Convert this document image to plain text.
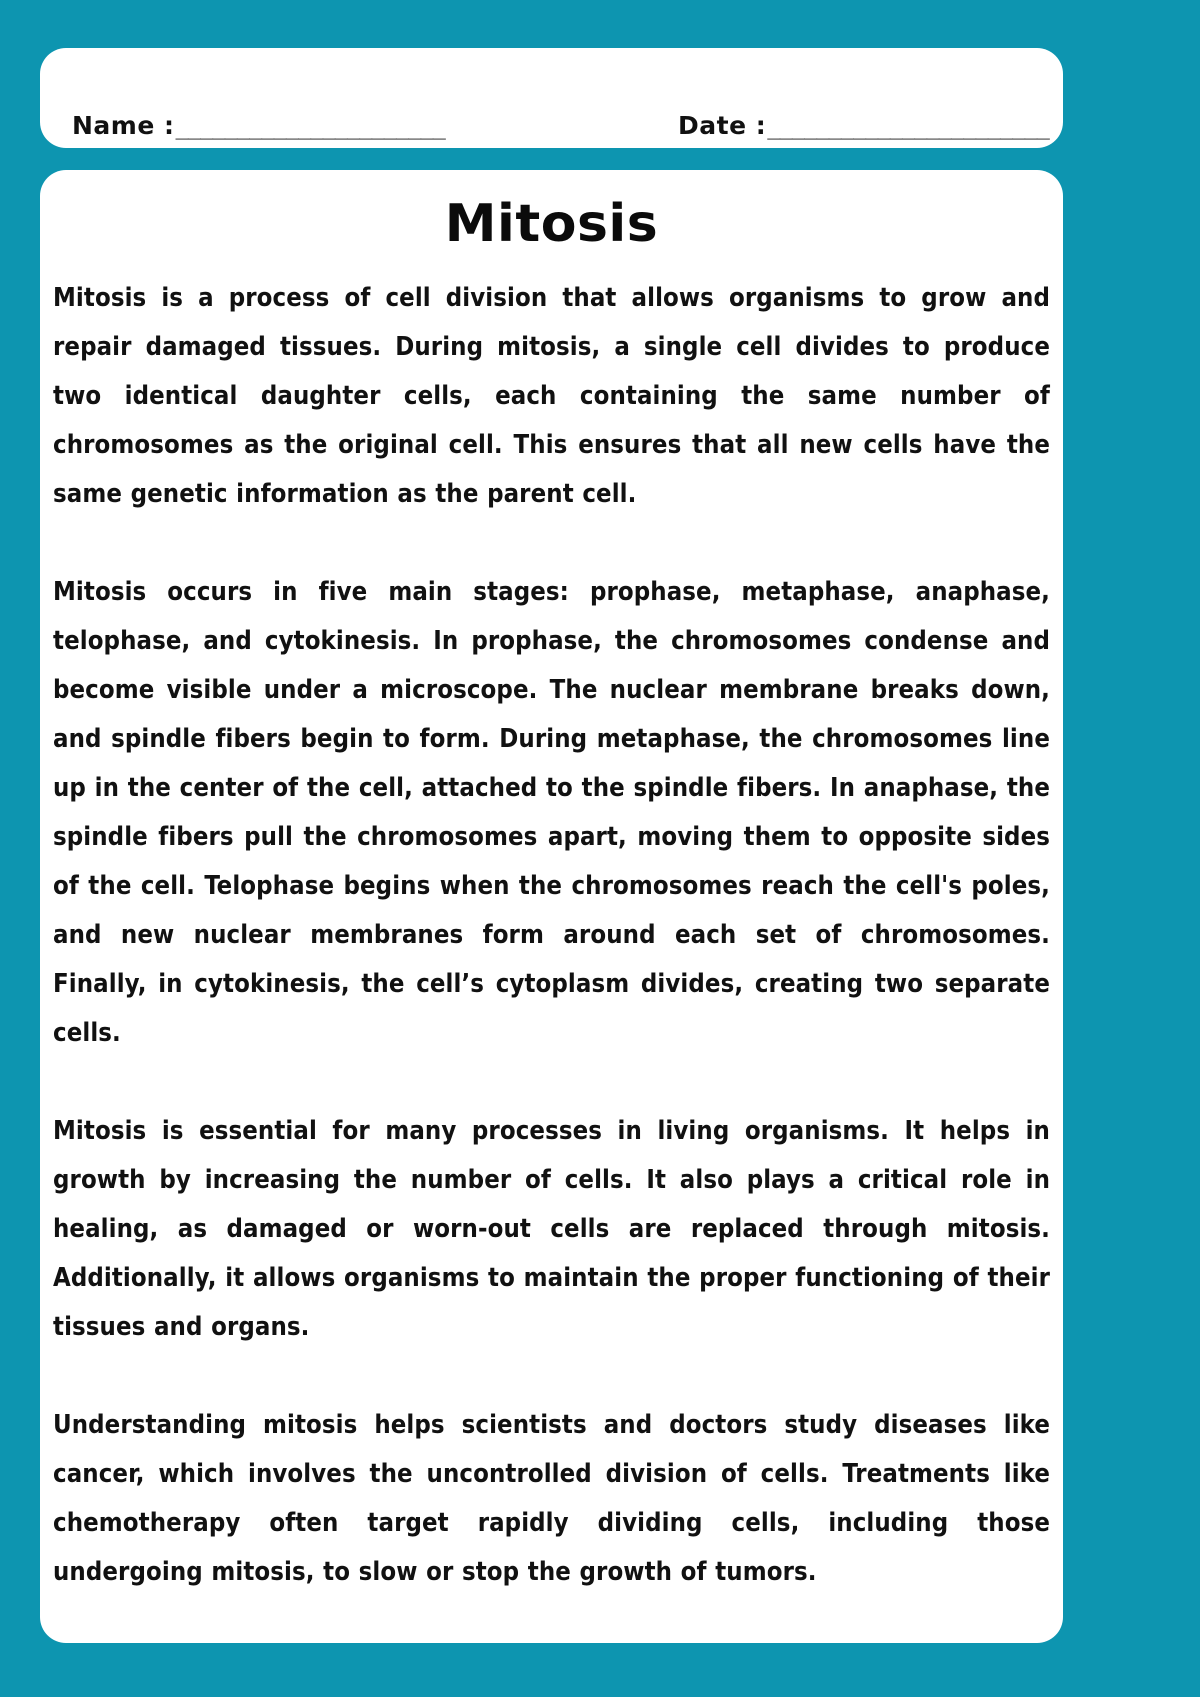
Name : ______________________	Date : _______________________
Mitosis

Mitosis is a process of cell division that allows organisms to grow and repair damaged tissues. During mitosis, a single cell divides to produce two identical daughter cells, each containing the same number of chromosomes as the original cell. This ensures that all new cells have the same genetic information as the parent cell.

Mitosis occurs in five main stages: prophase, metaphase, anaphase, telophase, and cytokinesis. In prophase, the chromosomes condense and become visible under a microscope. The nuclear membrane breaks down, and spindle fibers begin to form. During metaphase, the chromosomes line up in the center of the cell, attached to the spindle fibers. In anaphase, the spindle fibers pull the chromosomes apart, moving them to opposite sides of the cell. Telophase begins when the chromosomes reach the cell's poles, and new nuclear membranes form around each set of chromosomes. Finally, in cytokinesis, the cell’s cytoplasm divides, creating two separate cells.

Mitosis is essential for many processes in living organisms. It helps in growth by increasing the number of cells. It also plays a critical role in healing, as damaged or worn-out cells are replaced through mitosis. Additionally, it allows organisms to maintain the proper functioning of their tissues and organs.

Understanding mitosis helps scientists and doctors study diseases like cancer, which involves the uncontrolled division of cells. Treatments like chemotherapy often target rapidly dividing cells, including those undergoing mitosis, to slow or stop the growth of tumors.
